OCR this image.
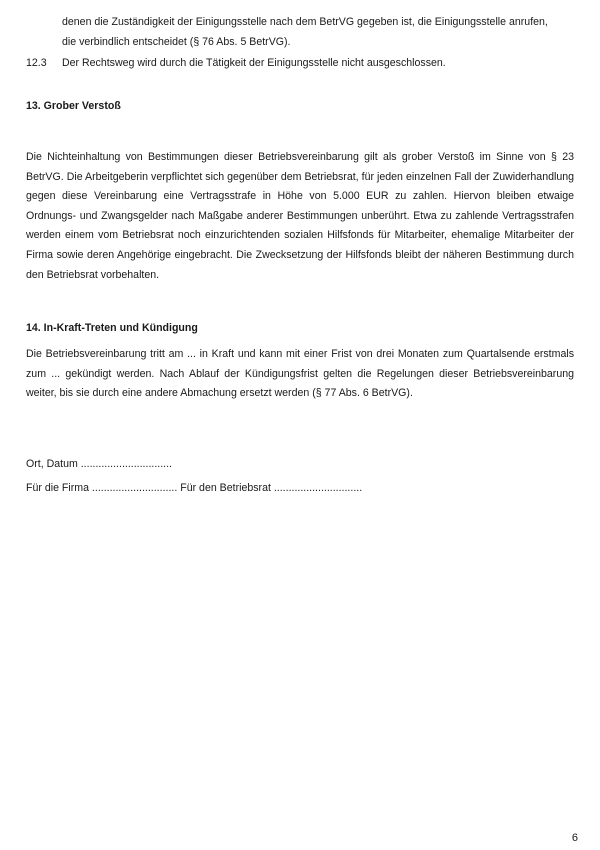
denen die Zuständigkeit der Einigungsstelle nach dem BetrVG gegeben ist, die Einigungsstelle anrufen, die verbindlich entscheidet (§ 76 Abs. 5 BetrVG).
12.3 Der Rechtsweg wird durch die Tätigkeit der Einigungsstelle nicht ausgeschlossen.
13. Grober Verstoß
Die Nichteinhaltung von Bestimmungen dieser Betriebsvereinbarung gilt als grober Verstoß im Sinne von § 23 BetrVG. Die Arbeitgeberin verpflichtet sich gegenüber dem Betriebsrat, für jeden einzelnen Fall der Zuwiderhandlung gegen diese Vereinbarung eine Vertragsstrafe in Höhe von 5.000 EUR zu zahlen. Hiervon bleiben etwaige Ordnungs- und Zwangsgelder nach Maßgabe anderer Bestimmungen unberührt. Etwa zu zahlende Vertragsstrafen werden einem vom Betriebsrat noch einzurichtenden sozialen Hilfsfonds für Mitarbeiter, ehemalige Mitarbeiter der Firma sowie deren Angehörige eingebracht. Die Zwecksetzung der Hilfsfonds bleibt der näheren Bestimmung durch den Betriebsrat vorbehalten.
14. In-Kraft-Treten und Kündigung
Die Betriebsvereinbarung tritt am ... in Kraft und kann mit einer Frist von drei Monaten zum Quartalsende erstmals zum ... gekündigt werden. Nach Ablauf der Kündigungsfrist gelten die Regelungen dieser Betriebsvereinbarung weiter, bis sie durch eine andere Abmachung ersetzt werden (§ 77 Abs. 6 BetrVG).
Ort, Datum ...............................
Für die Firma ............................. Für den Betriebsrat ..............................
6
